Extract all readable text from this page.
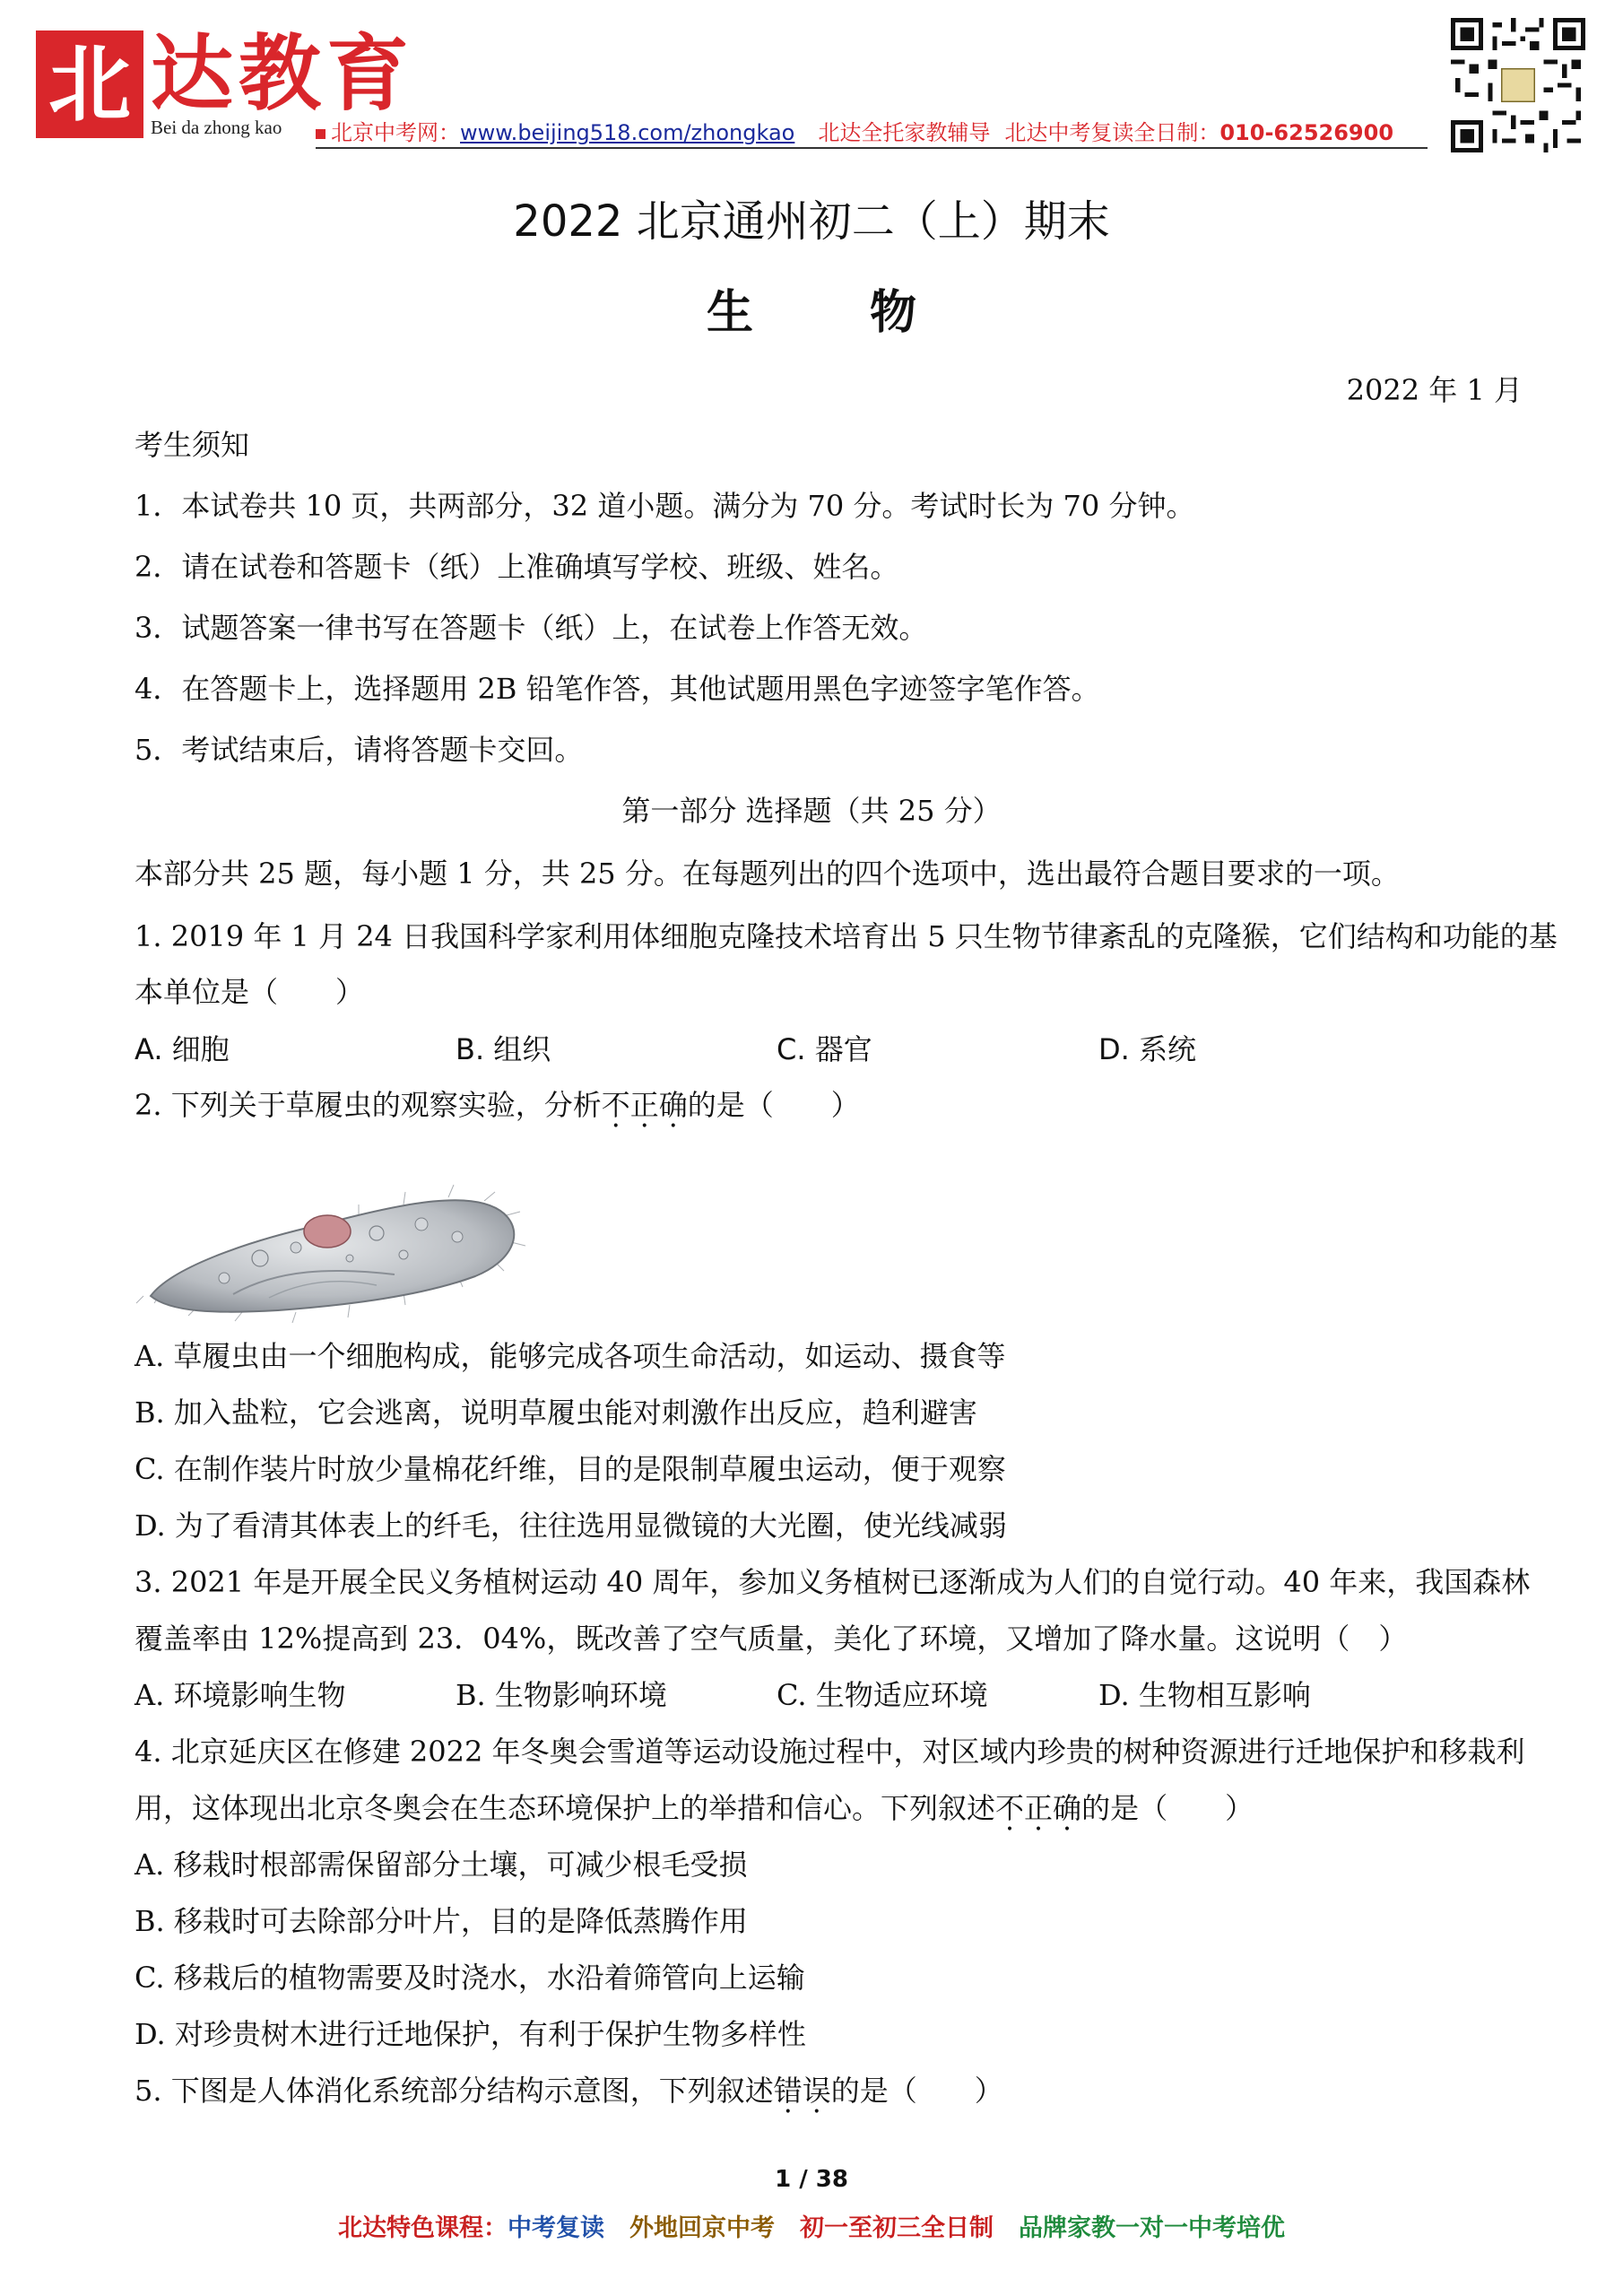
北 达教育
Bei da zhong kao	北京中考网：www.beijing518.com/zhongkao 北达全托家教辅导 北达中考复读全日制：010-62526900
2022 北京通州初二（上）期末
生	物
2022 年 1 月
考生须知
1．本试卷共 10 页，共两部分，32 道小题。满分为 70 分。考试时长为 70 分钟。
2．请在试卷和答题卡（纸）上准确填写学校、班级、姓名。
3．试题答案一律书写在答题卡（纸）上，在试卷上作答无效。
4．在答题卡上，选择题用 2B 铅笔作答，其他试题用黑色字迹签字笔作答。
5．考试结束后，请将答题卡交回。
第一部分 选择题（共 25 分）
本部分共 25 题，每小题 1 分，共 25 分。在每题列出的四个选项中，选出最符合题目要求的一项。
1. 2019 年 1 月 24 日我国科学家利用体细胞克隆技术培育出 5 只生物节律紊乱的克隆猴，它们结构和功能的基
本单位是（　　）
A. 细胞	B. 组织	C. 器官	D. 系统
2. 下列关于草履虫的观察实验，分析不正确的是（　　）
A. 草履虫由一个细胞构成，能够完成各项生命活动，如运动、摄食等
B. 加入盐粒，它会逃离，说明草履虫能对刺激作出反应，趋利避害
C. 在制作装片时放少量棉花纤维，目的是限制草履虫运动，便于观察
D. 为了看清其体表上的纤毛，往往选用显微镜的大光圈，使光线减弱
3. 2021 年是开展全民义务植树运动 40 周年，参加义务植树已逐渐成为人们的自觉行动。40 年来，我国森林
覆盖率由 12%提高到 23．04%，既改善了空气质量，美化了环境，又增加了降水量。这说明（　）
A. 环境影响生物	B. 生物影响环境	C. 生物适应环境	D. 生物相互影响
4. 北京延庆区在修建 2022 年冬奥会雪道等运动设施过程中，对区域内珍贵的树种资源进行迁地保护和移栽利
用，这体现出北京冬奥会在生态环境保护上的举措和信心。下列叙述不正确的是（　　）
A. 移栽时根部需保留部分土壤，可减少根毛受损
B. 移栽时可去除部分叶片，目的是降低蒸腾作用
C. 移栽后的植物需要及时浇水，水沿着筛管向上运输
D. 对珍贵树木进行迁地保护，有利于保护生物多样性
5. 下图是人体消化系统部分结构示意图，下列叙述错误的是（　　）
1 / 38
北达特色课程：中考复读 外地回京中考 初一至初三全日制 品牌家教一对一中考培优
